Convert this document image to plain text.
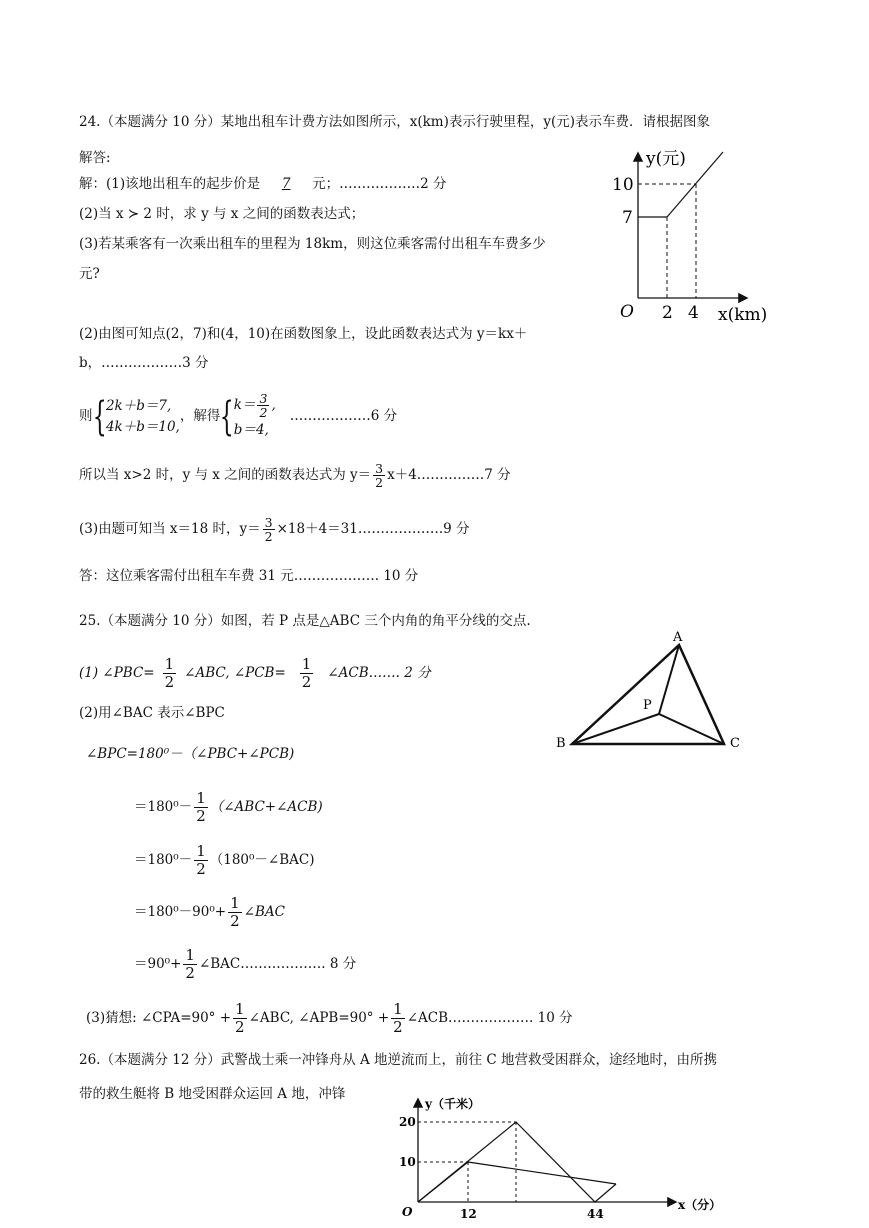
24.（本题满分 10 分）某地出租车计费方法如图所示，x(km)表示行驶里程，y(元)表示车费．请根据图象
解答:
解：(1)该地出租车的起步价是 7 元；………………2 分
(2)当 x ≻ 2 时，求 y 与 x 之间的函数表达式；
(3)若某乘客有一次乘出租车的里程为 18km，则这位乘客需付出租车车费多少
元?
y(元)
10
7
O 2 4 x(km)
(2)由图可知点(2，7)和(4，10)在函数图象上，设此函数表达式为 y＝kx＋
b，………………3 分
则{ 2k＋b＝7,
4k＋b＝10,
，解得{ $k= \frac{3}{2}$ ,
b＝4,
………………6 分
所以当 x>2 时，y 与 x 之间的函数表达式为 $y= \frac{3}{2}$ x＋4……………7 分
(3)由题可知当 x＝18 时，$y= \frac{3}{2}$ ×18＋4＝31……………….9 分
答：这位乘客需付出租车车费 31 元………………. 10 分
25.（本题满分 10 分）如图，若 P 点是△ABC 三个内角的角平分线的交点.
A
B	C
P
(1) ∠PBC= $\frac{1}{2}$ ∠ABC, ∠PCB= $\frac{1}{2}$ ∠ACB……. 2 分
(2)用∠BAC 表示∠BPC
∠BPC=180⁰－（∠PBC+∠PCB)
$=180^0- \frac{1}{2}$ （∠ABC+∠ACB)
$=180^0- \frac{1}{2}$ （180⁰－∠BAC)
$=180^0-90^0+ \frac{1}{2}$ ∠BAC
$=90^0+ \frac{1}{2}$ ∠BAC………………. 8 分
(3)猜想: ∠CPA=90° + $\frac{1}{2}$ ∠ABC, ∠APB=90° + $\frac{1}{2}$ ∠ACB………………. 10 分
26.（本题满分 12 分）武警战士乘一冲锋舟从 A 地逆流而上，前往 C 地营救受困群众，途经地时，由所携
带的救生艇将 B 地受困群众运回 A 地，冲锋
y（千米）
20
10
O	12	44
x（分）
